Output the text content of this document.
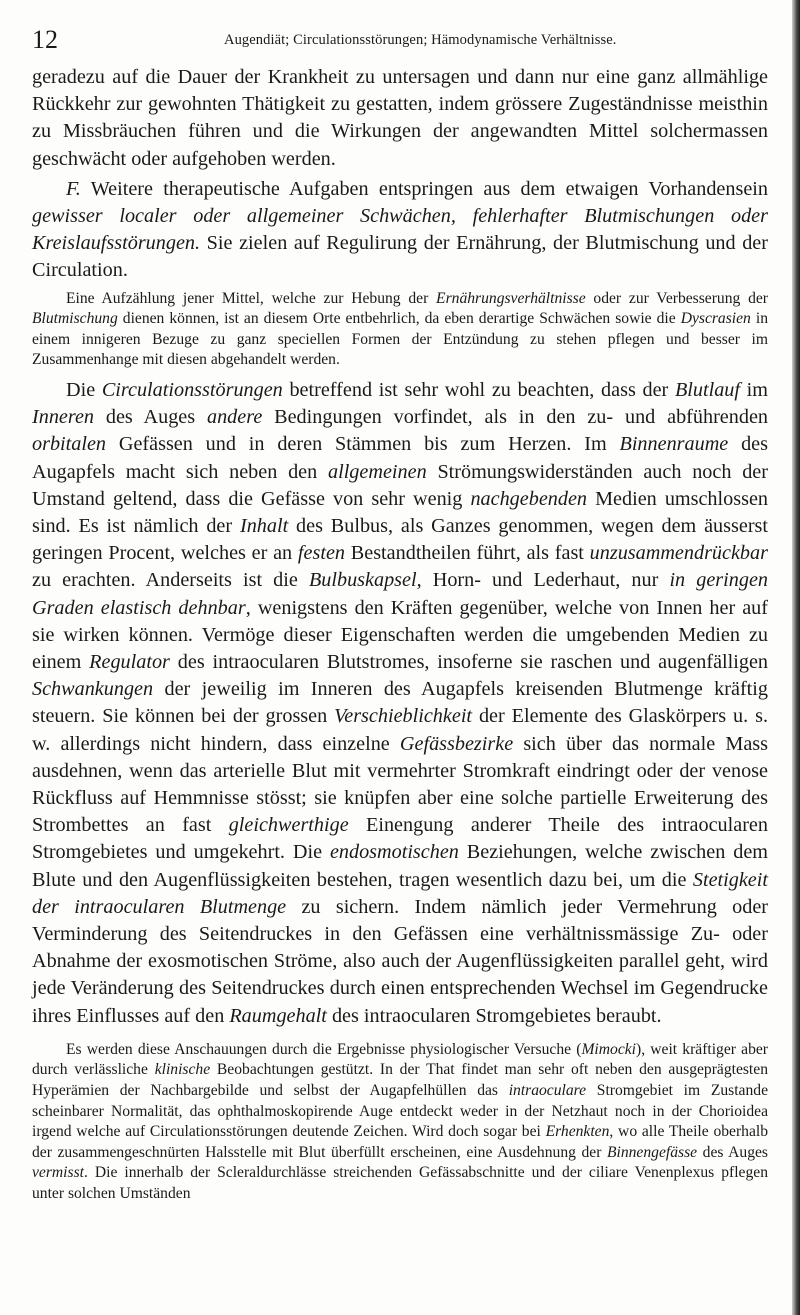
12	Augendiät; Circulationsstörungen; Hämodynamische Verhältnisse.

geradezu auf die Dauer der Krankheit zu untersagen und dann nur eine ganz allmählige Rückkehr zur gewohnten Thätigkeit zu gestatten, indem grössere Zugeständnisse meisthin zu Missbräuchen führen und die Wirkungen der angewandten Mittel solchermassen geschwächt oder aufgehoben werden.

F. Weitere therapeutische Aufgaben entspringen aus dem etwaigen Vorhandensein gewisser localer oder allgemeiner Schwächen, fehlerhafter Blutmischungen oder Kreislaufsstörungen. Sie zielen auf Regulirung der Ernährung, der Blutmischung und der Circulation.

Eine Aufzählung jener Mittel, welche zur Hebung der Ernährungsverhältnisse oder zur Verbesserung der Blutmischung dienen können, ist an diesem Orte entbehrlich, da eben derartige Schwächen sowie die Dyscrasien in einem innigeren Bezuge zu ganz speciellen Formen der Entzündung zu stehen pflegen und besser im Zusammenhange mit diesen abgehandelt werden.

Die Circulationsstörungen betreffend ist sehr wohl zu beachten, dass der Blutlauf im Inneren des Auges andere Bedingungen vorfindet, als in den zu- und abführenden orbitalen Gefässen und in deren Stämmen bis zum Herzen. Im Binnenraume des Augapfels macht sich neben den allgemeinen Strömungswiderständen auch noch der Umstand geltend, dass die Gefässe von sehr wenig nachgebenden Medien umschlossen sind. Es ist nämlich der Inhalt des Bulbus, als Ganzes genommen, wegen dem äusserst geringen Procent, welches er an festen Bestandtheilen führt, als fast unzusammendrückbar zu erachten. Anderseits ist die Bulbuskapsel, Horn- und Lederhaut, nur in geringen Graden elastisch dehnbar, wenigstens den Kräften gegenüber, welche von Innen her auf sie wirken können. Vermöge dieser Eigenschaften werden die umgebenden Medien zu einem Regulator des intraocularen Blutstromes, insoferne sie raschen und augenfälligen Schwankungen der jeweilig im Inneren des Augapfels kreisenden Blutmenge kräftig steuern. Sie können bei der grossen Verschieblichkeit der Elemente des Glaskörpers u. s. w. allerdings nicht hindern, dass einzelne Gefässbezirke sich über das normale Mass ausdehnen, wenn das arterielle Blut mit vermehrter Stromkraft eindringt oder der venose Rückfluss auf Hemmnisse stösst; sie knüpfen aber eine solche partielle Erweiterung des Strombettes an fast gleichwerthige Einengung anderer Theile des intraocularen Stromgebietes und umgekehrt. Die endosmotischen Beziehungen, welche zwischen dem Blute und den Augenflüssigkeiten bestehen, tragen wesentlich dazu bei, um die Stetigkeit der intraocularen Blutmenge zu sichern. Indem nämlich jeder Vermehrung oder Verminderung des Seitendruckes in den Gefässen eine verhältnissmässige Zu- oder Abnahme der exosmotischen Ströme, also auch der Augenflüssigkeiten parallel geht, wird jede Veränderung des Seitendruckes durch einen entsprechenden Wechsel im Gegendrucke ihres Einflusses auf den Raumgehalt des intraocularen Stromgebietes beraubt.

Es werden diese Anschauungen durch die Ergebnisse physiologischer Versuche (Mimocki), weit kräftiger aber durch verlässliche klinische Beobachtungen gestützt. In der That findet man sehr oft neben den ausgeprägtesten Hyperämien der Nachbargebilde und selbst der Augapfelhüllen das intraoculare Stromgebiet im Zustande scheinbarer Normalität, das ophthalmoskopirende Auge entdeckt weder in der Netzhaut noch in der Chorioidea irgend welche auf Circulationsstörungen deutende Zeichen. Wird doch sogar bei Erhenkten, wo alle Theile oberhalb der zusammengeschnürten Halsstelle mit Blut überfüllt erscheinen, eine Ausdehnung der Binnengefässe des Auges vermisst. Die innerhalb der Scleraldurchlässe streichenden Gefässabschnitte und der ciliare Venenplexus pflegen unter solchen Umständen
